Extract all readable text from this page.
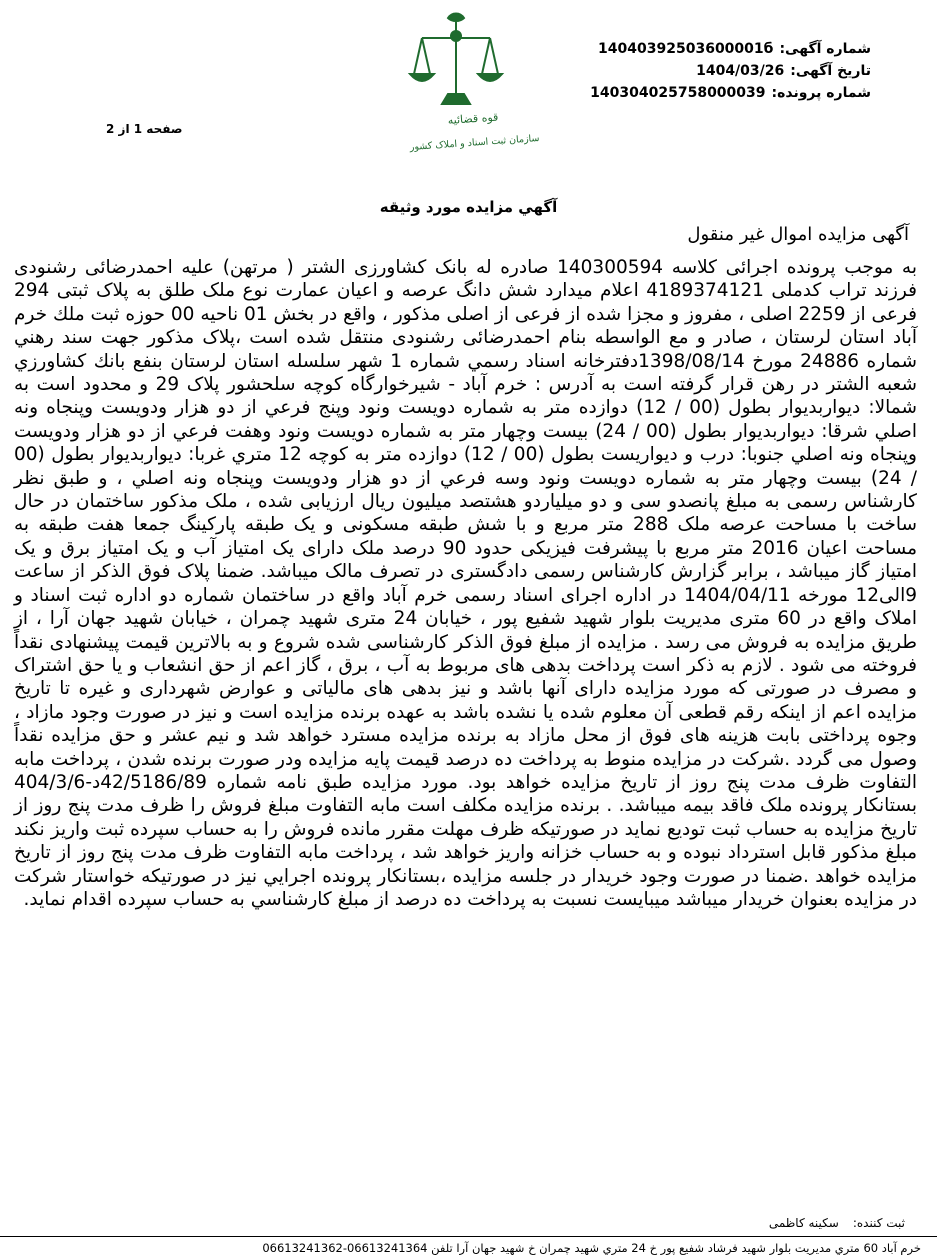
شماره آگهی:14040392503600001б
تاریخ آگهی:1404/03/26
شماره پرونده:14030402575800003​9
صفحه 1 از 2
قوه قضائیه
سازمان ثبت اسناد و املاک کشور
آگهي مزايده مورد وثيقه
آگهی مزایده اموال غیر منقول

به موجب پرونده اجرائی کلاسه 140300594 صادره له بانک کشاورزی الشتر ( مرتهن) علیه احمدرضائی رشنودی فرزند تراب کدملی 4189374121 اعلام میدارد شش دانگ عرصه و اعیان عمارت نوع ملک طلق به پلاک ثبتی 294 فرعی از 2259 اصلی ، مفروز و مجزا شده از فرعی از اصلی مذکور ، واقع در بخش 01 ناحیه 00 حوزه ثبت ملك خرم آباد استان لرستان ، صادر و مع الواسطه بنام احمدرضائی رشنودی منتقل شده است ،پلاک مذکور جهت سند رهني شماره 24886 مورخ 1398/08/14دفترخانه اسناد رسمي شماره 1 شهر سلسله استان لرستان بنفع بانك كشاورزي شعبه الشتر در رهن قرار گرفته است به آدرس : خرم آباد - شیرخوارگاه کوچه سلحشور پلاک 29 و محدود است به شمالا: ديواربديوار بطول (00 / 12) دوازده متر به شماره دويست ونود وپنج فرعي از دو هزار ودويست وپنجاه ونه اصلي شرقا: ديواربديوار بطول (00 / 24) بيست وچهار متر به شماره دويست ونود وهفت فرعي از دو هزار ودويست وپنجاه ونه اصلي جنوبا: درب و ديواريست بطول (00 / 12) دوازده متر به كوچه 12 متري غربا: ديواربديوار بطول (00 / 24) بيست وچهار متر به شماره دويست ونود وسه فرعي از دو هزار ودويست وپنجاه ونه اصلي ، و طبق نظر کارشناس رسمی به مبلغ پانصدو سی و دو میلیاردو هشتصد میلیون ریال ارزیابی شده ، ملک مذکور ساختمان در حال ساخت با مساحت عرصه ملک 288 متر مربع و با شش طبقه مسکونی و یک طبقه پارکینگ جمعا هفت طبقه به مساحت اعیان 2016 متر مربع با پیشرفت فیزیکی حدود 90 درصد ملک دارای یک امتیاز آب و یک امتیاز برق و یک امتیاز گاز میباشد ، برابر گزارش کارشناس رسمی دادگستری در تصرف مالک میباشد. ضمنا پلاک فوق الذکر از ساعت 9الی12 مورخه 1404/04/11 در اداره اجرای اسناد رسمی خرم آباد واقع در ساختمان شماره دو اداره ثبت اسناد و املاک واقع در 60 متری مدیریت بلوار شهید شفیع پور ، خیابان 24 متری شهید چمران ، خیابان شهید جهان آرا ، از طریق مزایده به فروش می رسد . مزایده از مبلغ فوق الذکر کارشناسی شده شروع و به بالاترین قیمت پیشنهادی نقداً فروخته می شود . لازم به ذکر است پرداخت بدهی های مربوط به آب ، برق ، گاز اعم از حق انشعاب و یا حق اشتراک و مصرف در صورتی که مورد مزایده دارای آنها باشد و نیز بدهی های مالیاتی و عوارض شهرداری و غیره تا تاریخ مزایده اعم از اینکه رقم قطعی آن معلوم شده یا نشده باشد به عهده برنده مزایده است و نیز در صورت وجود مازاد ، وجوه پرداختی بابت هزینه های فوق از محل مازاد به برنده مزایده مسترد خواهد شد و نیم عشر و حق مزایده نقداً وصول می گردد .شرکت در مزایده منوط به پرداخت ده درصد قیمت پایه مزایده ودر صورت برنده شدن ، پرداخت مابه التفاوت ظرف مدت پنج روز از تاریخ مزایده خواهد بود. مورد مزایده طبق نامه شماره 42/5186/89د-404/3/6 بستانکار پرونده ملک فاقد بیمه میباشد. . برنده مزایده مکلف است مابه التفاوت مبلغ فروش را ظرف مدت پنج روز از تاریخ مزایده به حساب ثبت تودیع نماید در صورتیکه ظرف مهلت مقرر مانده فروش را به حساب سپرده ثبت واریز نکند مبلغ مذکور قابل استرداد نبوده و به حساب خزانه واریز خواهد شد ، پرداخت مابه التفاوت ظرف مدت پنج روز از تاریخ مزایده خواهد .ضمنا در صورت وجود خریدار در جلسه مزایده ،بستانكار پرونده اجرايي نيز در صورتيكه خواستار شركت در مزايده بعنوان خريدار ميباشد ميبايست نسبت به پرداخت ده درصد از مبلغ كارشناسي به حساب سپرده اقدام نمايد.

ثبت کننده:سکینه کاظمی
خرم آباد 60 متري مديريت بلوار شهيد فرشاد شفيع پور خ 24 متري شهيد چمران خ شهيد جهان آرا تلفن 06613241364-06613241362
